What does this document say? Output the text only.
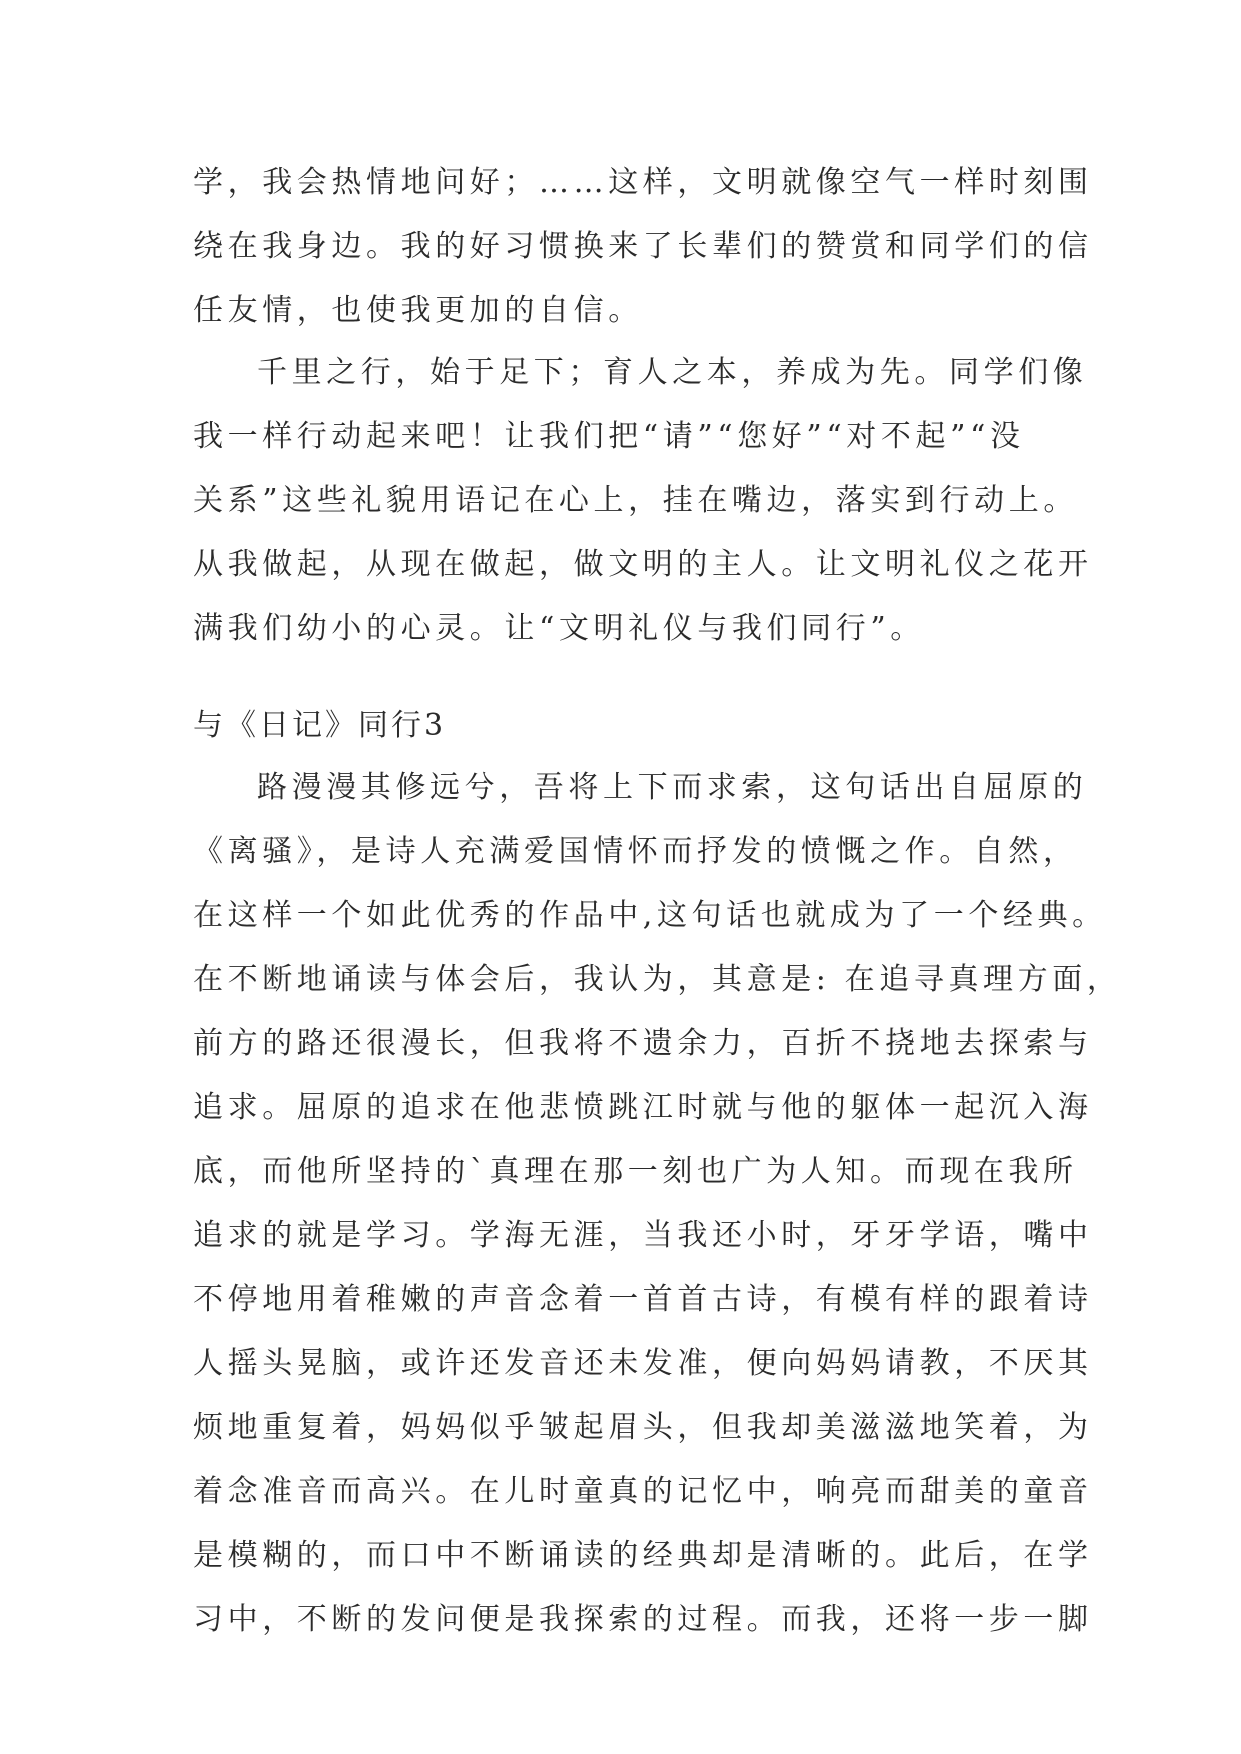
学，我会热情地问好；……这样，文明就像空气一样时刻围
绕在我身边。我的好习惯换来了长辈们的赞赏和同学们的信
任友情，也使我更加的自信。
千里之行，始于足下；育人之本，养成为先。同学们像
我一样行动起来吧！让我们把“请”“您好”“对不起”“没
关系”这些礼貌用语记在心上，挂在嘴边，落实到行动上。
从我做起，从现在做起，做文明的主人。让文明礼仪之花开
满我们幼小的心灵。让“文明礼仪与我们同行”。
与《日记》同行3
路漫漫其修远兮，吾将上下而求索，这句话出自屈原的
《离骚》，是诗人充满爱国情怀而抒发的愤慨之作。自然，
在这样一个如此优秀的作品中,这句话也就成为了一个经典。
在不断地诵读与体会后，我认为，其意是: 在追寻真理方面，
前方的路还很漫长，但我将不遗余力，百折不挠地去探索与
追求。屈原的追求在他悲愤跳江时就与他的躯体一起沉入海
底，而他所坚持的`真理在那一刻也广为人知。而现在我所
追求的就是学习。学海无涯，当我还小时，牙牙学语，嘴中
不停地用着稚嫩的声音念着一首首古诗，有模有样的跟着诗
人摇头晃脑，或许还发音还未发准，便向妈妈请教，不厌其
烦地重复着，妈妈似乎皱起眉头，但我却美滋滋地笑着，为
着念准音而高兴。在儿时童真的记忆中，响亮而甜美的童音
是模糊的，而口中不断诵读的经典却是清晰的。此后，在学
习中，不断的发问便是我探索的过程。而我，还将一步一脚
